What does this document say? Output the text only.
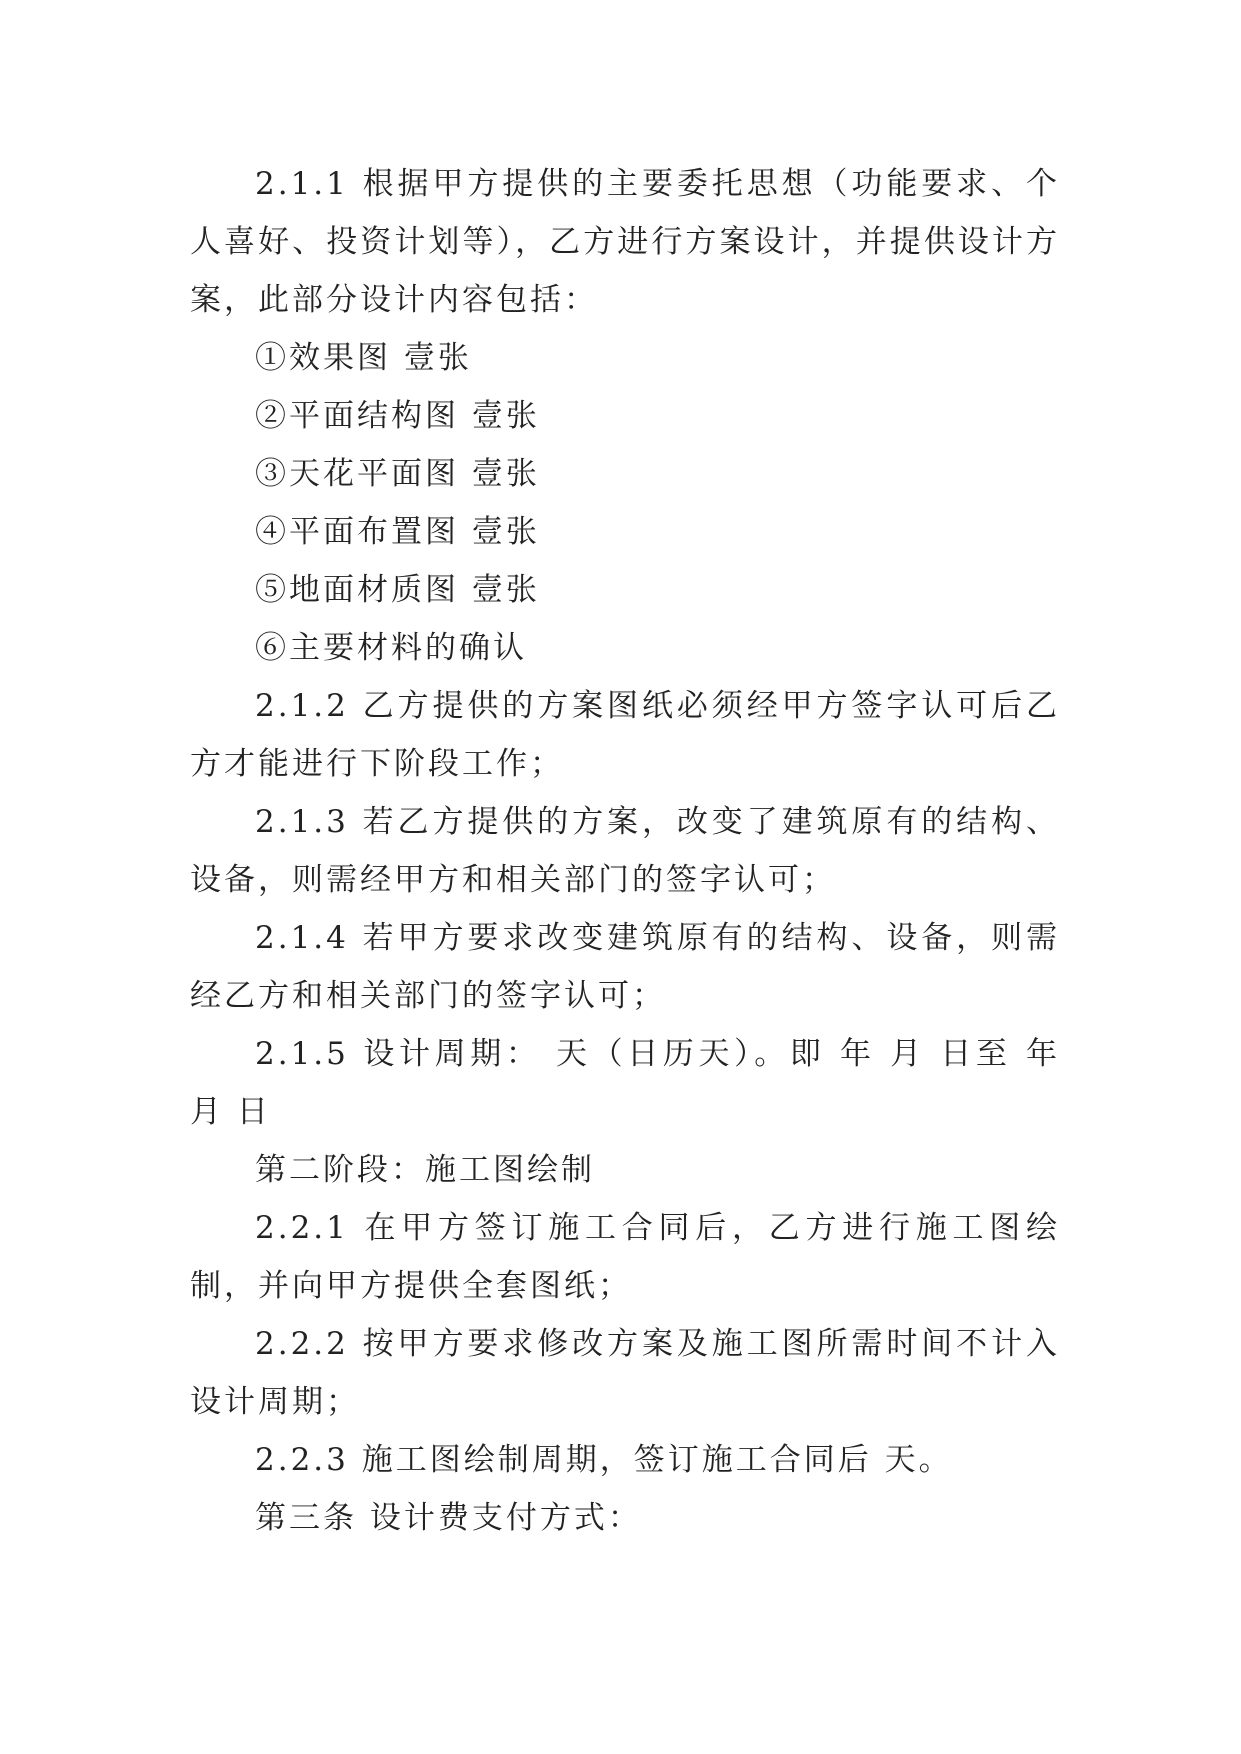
2.1.1 根据甲方提供的主要委托思想（功能要求、个人喜好、投资计划等），乙方进行方案设计，并提供设计方案，此部分设计内容包括：

①效果图 壹张

②平面结构图 壹张

③天花平面图 壹张

④平面布置图 壹张

⑤地面材质图 壹张

⑥主要材料的确认

2.1.2 乙方提供的方案图纸必须经甲方签字认可后乙方才能进行下阶段工作；

2.1.3 若乙方提供的方案，改变了建筑原有的结构、设备，则需经甲方和相关部门的签字认可；

2.1.4 若甲方要求改变建筑原有的结构、设备，则需经乙方和相关部门的签字认可；

2.1.5 设计周期： 天（日历天）。即 年 月 日至 年 月 日

第二阶段：施工图绘制

2.2.1 在甲方签订施工合同后，乙方进行施工图绘制，并向甲方提供全套图纸；

2.2.2 按甲方要求修改方案及施工图所需时间不计入设计周期；

2.2.3 施工图绘制周期，签订施工合同后 天。

第三条 设计费支付方式：
